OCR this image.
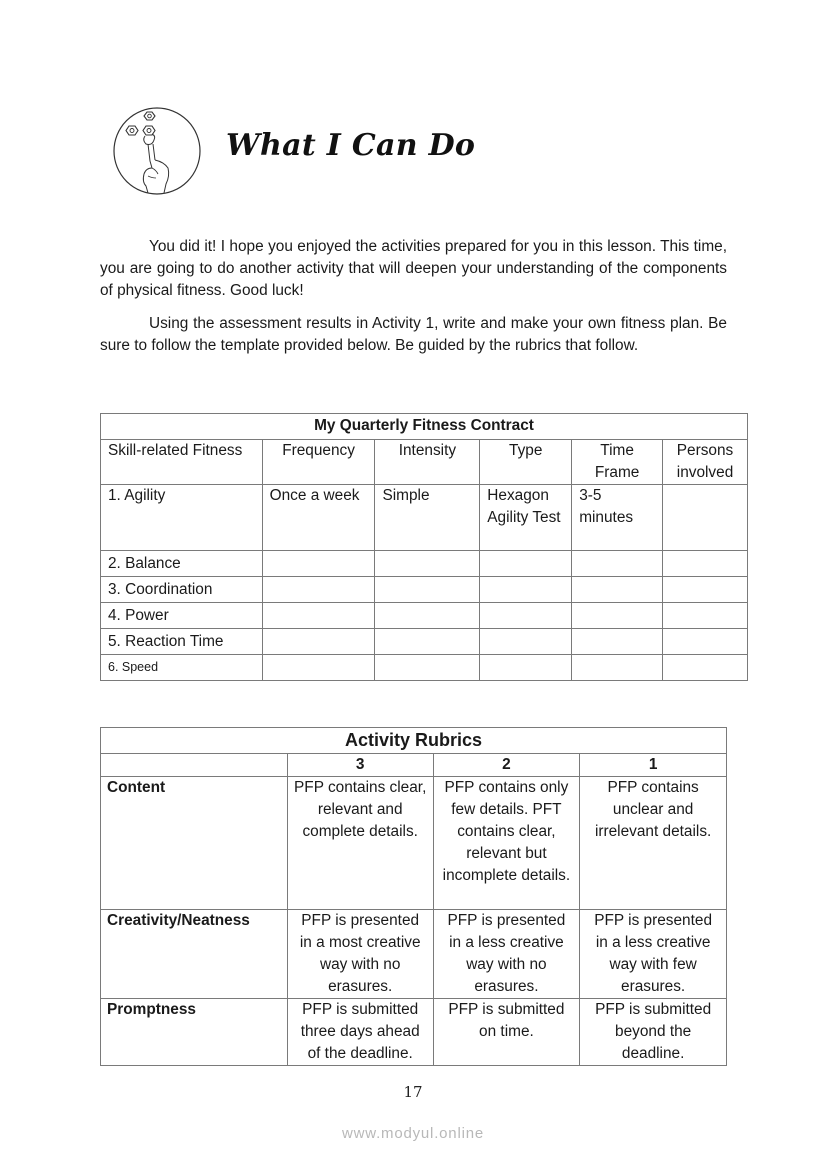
What I Can Do
You did it! I hope you enjoyed the activities prepared for you in this lesson. This time, you are going to do another activity that will deepen your understanding of the components of physical fitness. Good luck!
Using the assessment results in Activity 1, write and make your own fitness plan. Be sure to follow the template provided below. Be guided by the rubrics that follow.
My Quarterly Fitness Contract					
Skill-related Fitness	Frequency	Intensity	Type	Time Frame	Persons involved
1. Agility	Once a week	Simple	Hexagon Agility Test	3-5 minutes	
2. Balance					
3. Coordination					
4. Power					
5. Reaction Time					
6. Speed					
Activity Rubrics			
	3	2	1
Content	PFP contains clear, relevant and complete details.	PFP contains only few details. PFT contains clear, relevant but incomplete details.	PFP contains unclear and irrelevant details.
Creativity/Neatness	PFP is presented in a most creative way with no erasures.	PFP is presented in a less creative way with no erasures.	PFP is presented in a less creative way with few erasures.
Promptness	PFP is submitted three days ahead of the deadline.	PFP is submitted on time.	PFP is submitted beyond the deadline.
17
www.modyul.online
